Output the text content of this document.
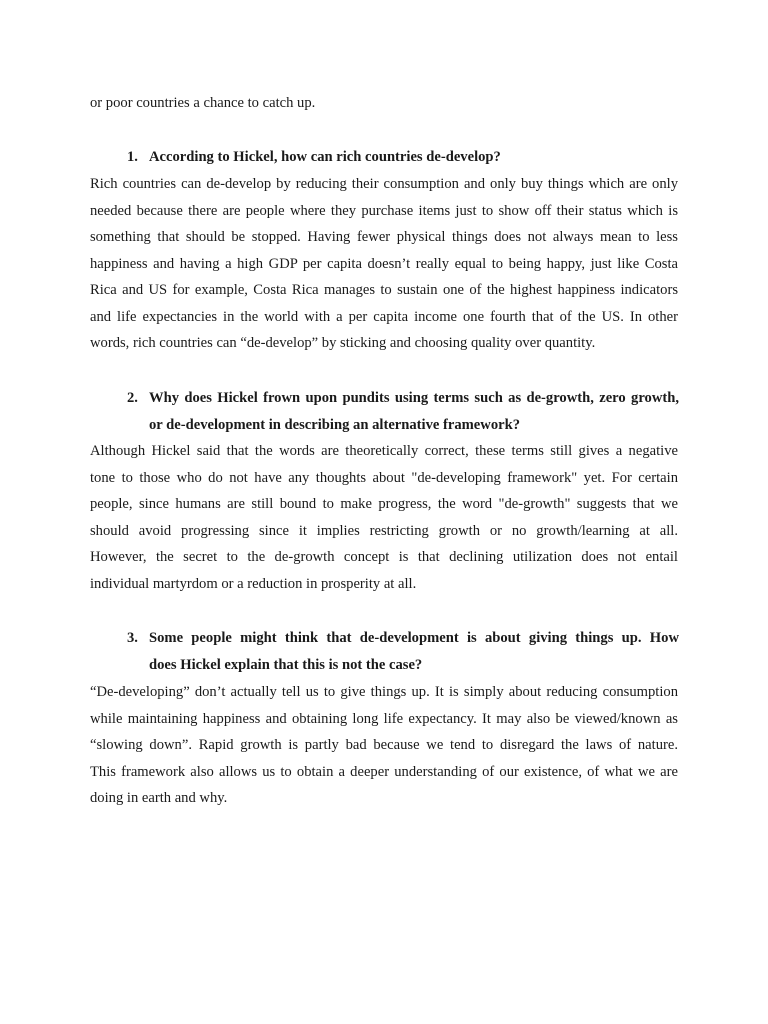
or poor countries a chance to catch up.
1. According to Hickel, how can rich countries de-develop?
Rich countries can de-develop by reducing their consumption and only buy things which are only
needed because there are people where they purchase items just to show off their status which is
something that should be stopped. Having fewer physical things does not always mean to less
happiness and having a high GDP per capita doesn’t really equal to being happy, just like Costa
Rica and US for example, Costa Rica manages to sustain one of the highest happiness indicators
and life expectancies in the world with a per capita income one fourth that of the US. In other
words, rich countries can “de-develop” by sticking and choosing quality over quantity.
2. Why does Hickel frown upon pundits using terms such as de-growth, zero growth,
or de-development in describing an alternative framework?
Although Hickel said that the words are theoretically correct, these terms still gives a negative
tone to those who do not have any thoughts about "de-developing framework" yet. For certain
people, since humans are still bound to make progress, the word "de-growth" suggests that we
should avoid progressing since it implies restricting growth or no growth/learning at all.
However, the secret to the de-growth concept is that declining utilization does not entail
individual martyrdom or a reduction in prosperity at all.
3. Some people might think that de-development is about giving things up. How
does Hickel explain that this is not the case?
“De-developing” don’t actually tell us to give things up. It is simply about reducing consumption
while maintaining happiness and obtaining long life expectancy. It may also be viewed/known as
“slowing down”. Rapid growth is partly bad because we tend to disregard the laws of nature.
This framework also allows us to obtain a deeper understanding of our existence, of what we are
doing in earth and why.
